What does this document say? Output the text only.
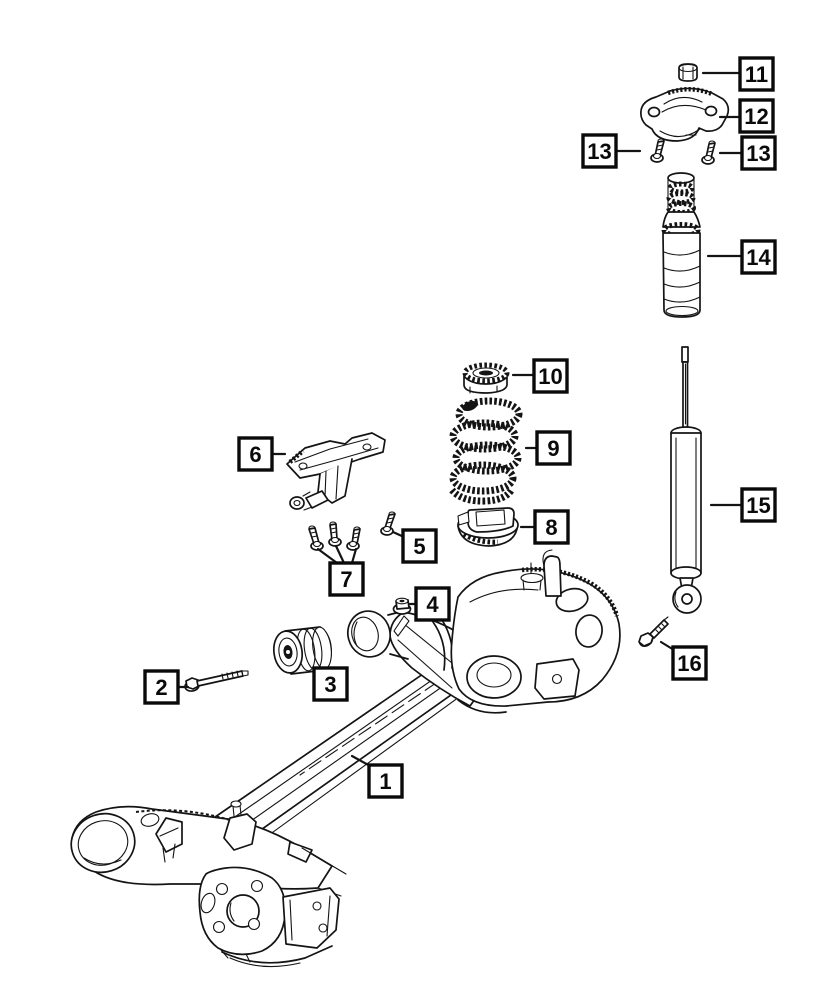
1
2	3
4
5
6
7
8
9
10
11
12
13	13
14
15
16
